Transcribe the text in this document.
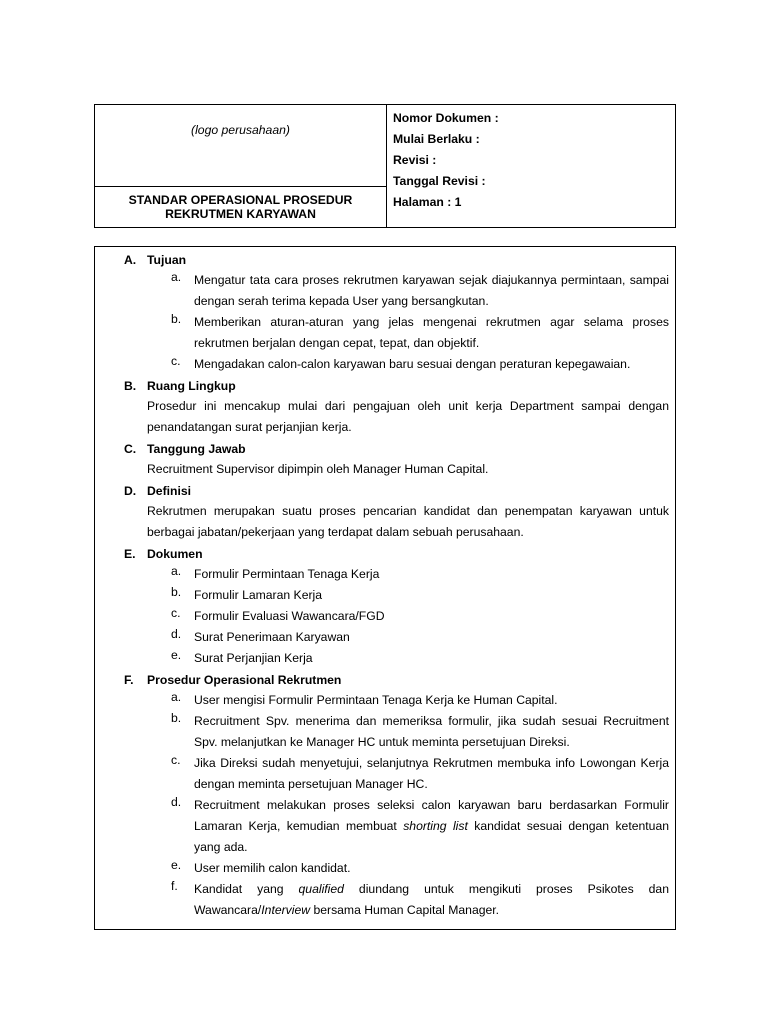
(logo perusahaan)
STANDAR OPERASIONAL PROSEDUR
REKRUTMEN KARYAWAN
Nomor Dokumen :
Mulai Berlaku :
Revisi :
Tanggal Revisi :
Halaman : 1
A. Tujuan
a. Mengatur tata cara proses rekrutmen karyawan sejak diajukannya permintaan, sampai dengan serah terima kepada User yang bersangkutan.
b. Memberikan aturan-aturan yang jelas mengenai rekrutmen agar selama proses rekrutmen berjalan dengan cepat, tepat, dan objektif.
c. Mengadakan calon-calon karyawan baru sesuai dengan peraturan kepegawaian.
B. Ruang Lingkup
Prosedur ini mencakup mulai dari pengajuan oleh unit kerja Department sampai dengan penandatangan surat perjanjian kerja.
C. Tanggung Jawab
Recruitment Supervisor dipimpin oleh Manager Human Capital.
D. Definisi
Rekrutmen merupakan suatu proses pencarian kandidat dan penempatan karyawan untuk berbagai jabatan/pekerjaan yang terdapat dalam sebuah perusahaan.
E. Dokumen
a. Formulir Permintaan Tenaga Kerja
b. Formulir Lamaran Kerja
c. Formulir Evaluasi Wawancara/FGD
d. Surat Penerimaan Karyawan
e. Surat Perjanjian Kerja
F. Prosedur Operasional Rekrutmen
a. User mengisi Formulir Permintaan Tenaga Kerja ke Human Capital.
b. Recruitment Spv. menerima dan memeriksa formulir, jika sudah sesuai Recruitment Spv. melanjutkan ke Manager HC untuk meminta persetujuan Direksi.
c. Jika Direksi sudah menyetujui, selanjutnya Rekrutmen membuka info Lowongan Kerja dengan meminta persetujuan Manager HC.
d. Recruitment melakukan proses seleksi calon karyawan baru berdasarkan Formulir Lamaran Kerja, kemudian membuat shorting list kandidat sesuai dengan ketentuan yang ada.
e. User memilih calon kandidat.
f. Kandidat yang qualified diundang untuk mengikuti proses Psikotes dan Wawancara/Interview bersama Human Capital Manager.
